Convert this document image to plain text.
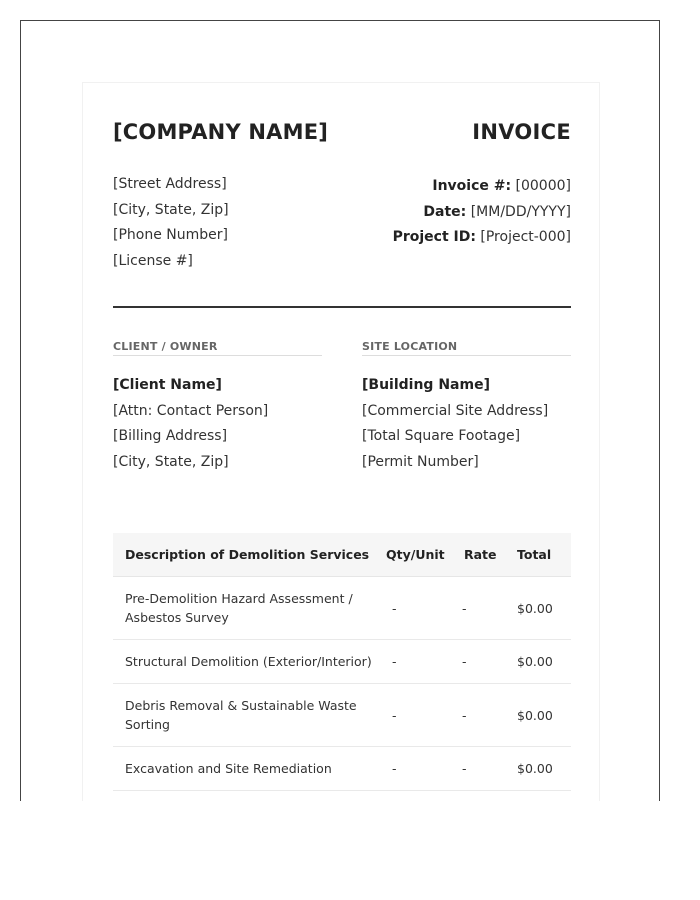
[COMPANY NAME]	INVOICE
[Street Address]
[City, State, Zip]
[Phone Number]
[License #]
Invoice #: [00000]
Date: [MM/DD/YYYY]
Project ID: [Project-000]
CLIENT / OWNER
[Client Name]
[Attn: Contact Person]
[Billing Address]
[City, State, Zip]
SITE LOCATION
[Building Name]
[Commercial Site Address]
[Total Square Footage]
[Permit Number]
Description of Demolition Services	Qty/Unit	Rate	Total
Pre-Demolition Hazard Assessment / Asbestos Survey	-	-	$0.00
Structural Demolition (Exterior/Interior)	-	-	$0.00
Debris Removal & Sustainable Waste Sorting	-	-	$0.00
Excavation and Site Remediation	-	-	$0.00
